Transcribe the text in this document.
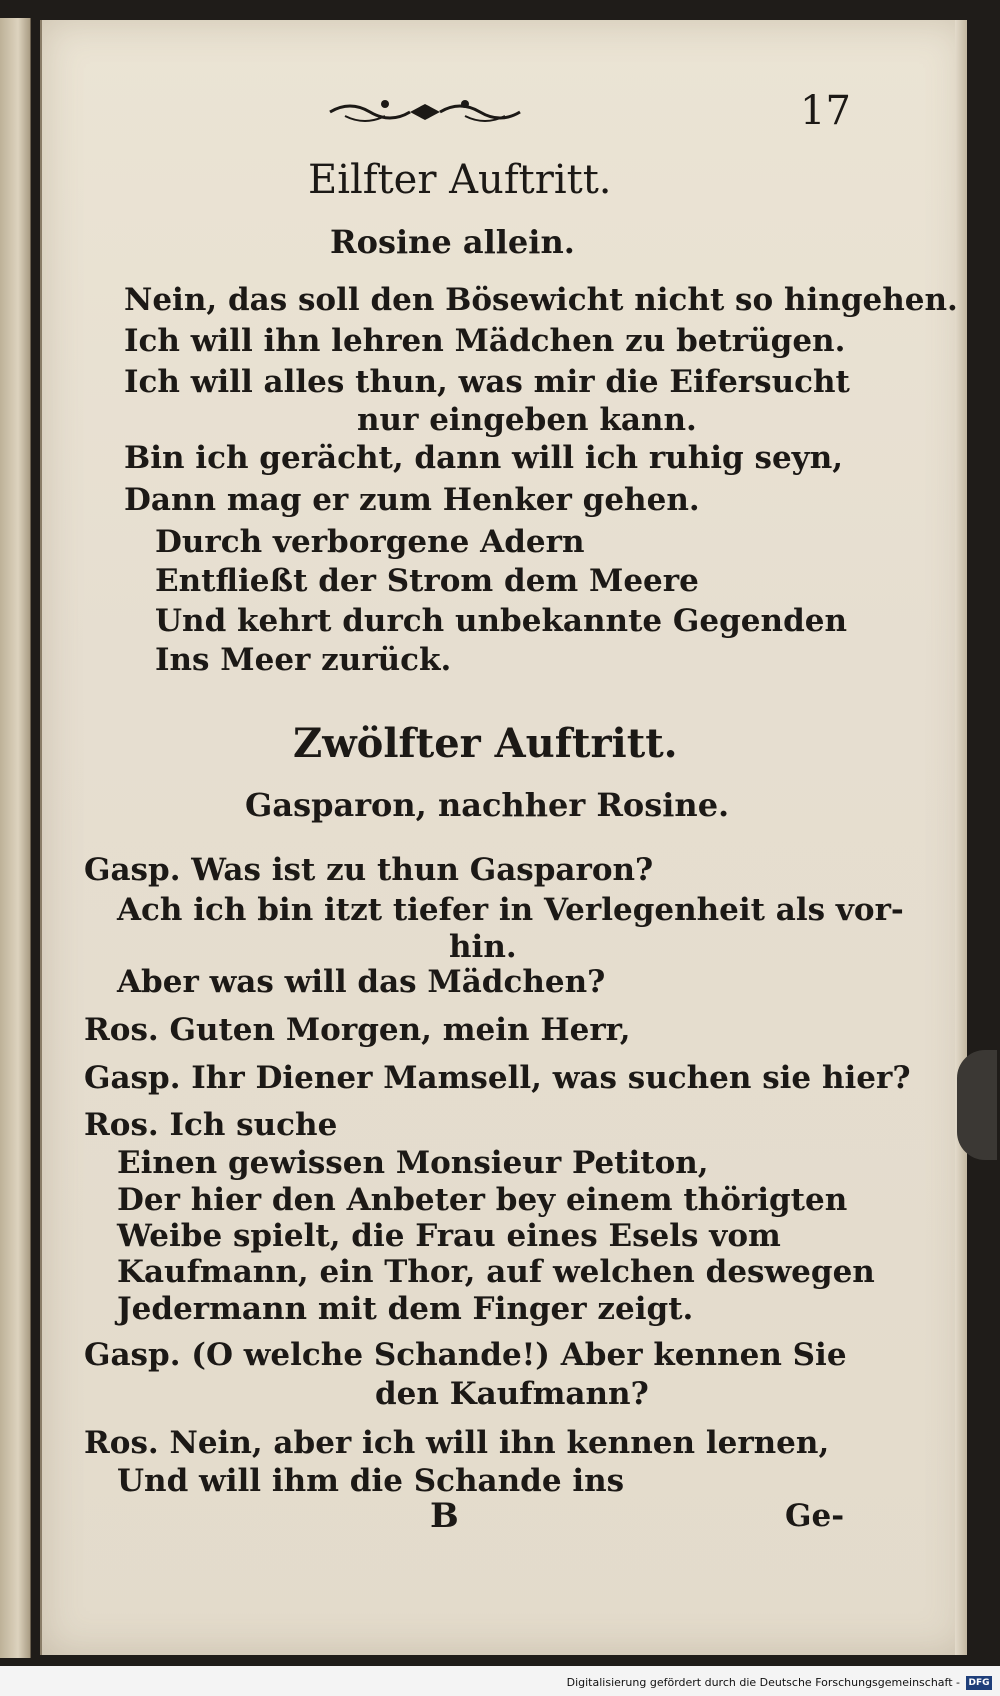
17
Eilfter Auftritt.
Rosine allein.
Nein, das soll den Bösewicht nicht so hingehen.
Ich will ihn lehren Mädchen zu betrügen.
Ich will alles thun, was mir die Eifersucht
nur eingeben kann.
Bin ich gerächt, dann will ich ruhig seyn,
Dann mag er zum Henker gehen.
Durch verborgene Adern
Entfließt der Strom dem Meere
Und kehrt durch unbekannte Gegenden
Ins Meer zurück.
Zwölfter Auftritt.
Gasparon, nachher Rosine.
Gasp. Was ist zu thun Gasparon?
Ach ich bin itzt tiefer in Verlegenheit als vor-
hin.
Aber was will das Mädchen?
Ros. Guten Morgen, mein Herr,
Gasp. Ihr Diener Mamsell, was suchen sie hier?
Ros. Ich suche
Einen gewissen Monsieur Petiton,
Der hier den Anbeter bey einem thörigten
Weibe spielt, die Frau eines Esels vom
Kaufmann, ein Thor, auf welchen deswegen
Jedermann mit dem Finger zeigt.
Gasp. (O welche Schande!) Aber kennen Sie
den Kaufmann?
Ros. Nein, aber ich will ihn kennen lernen,
Und will ihm die Schande ins
B	Ge-
Digitalisierung gefördert durch die Deutsche Forschungsgemeinschaft - DFG
